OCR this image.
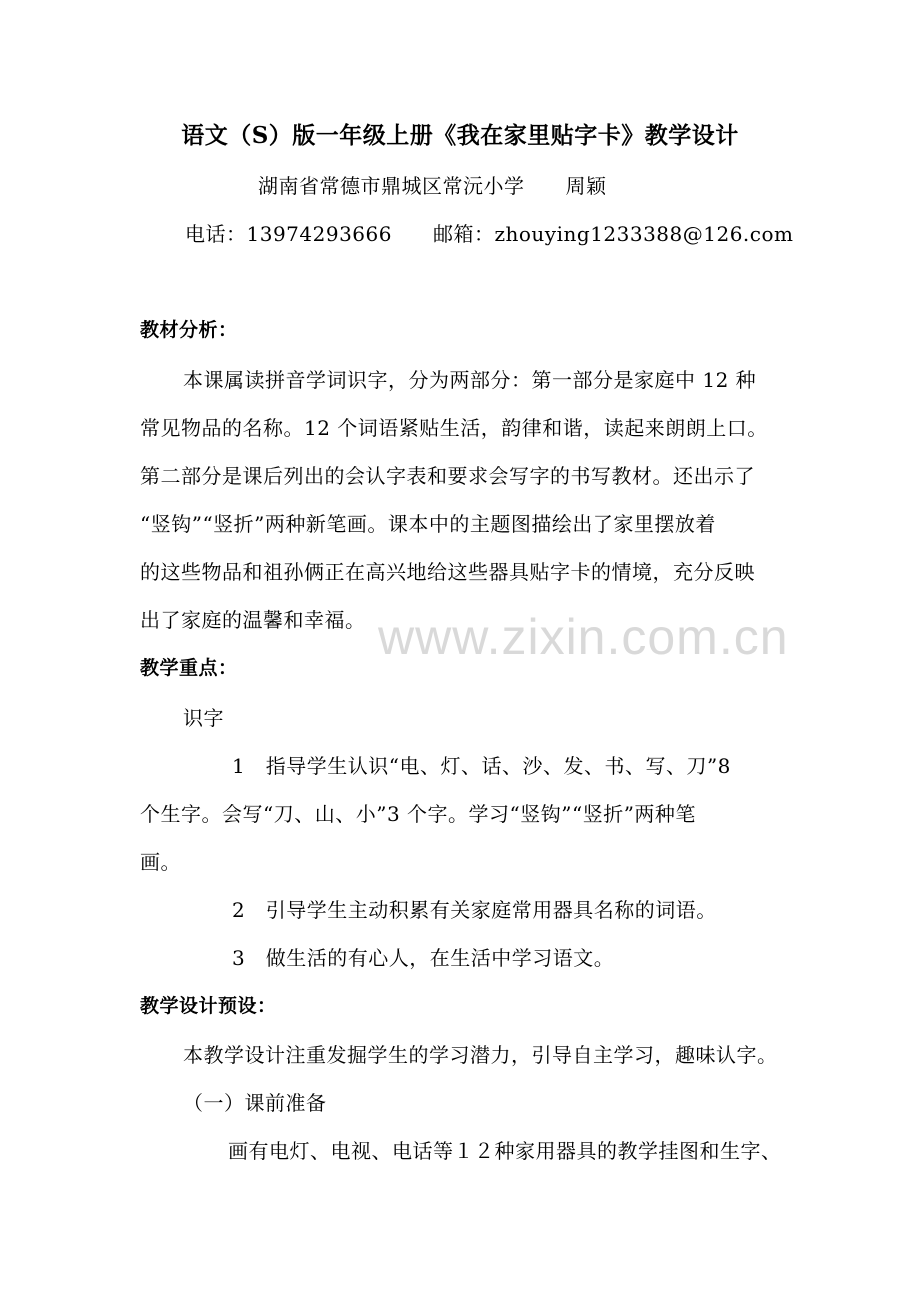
语文（S）版一年级上册《我在家里贴字卡》教学设计
湖南省常德市鼎城区常沅小学　　周颖
电话：13974293666　　邮箱：zhouying1233388@126.com
教材分析：
本课属读拼音学词识字，分为两部分：第一部分是家庭中 12 种
常见物品的名称。12 个词语紧贴生活，韵律和谐，读起来朗朗上口。
第二部分是课后列出的会认字表和要求会写字的书写教材。还出示了
“竖钩”“竖折”两种新笔画。课本中的主题图描绘出了家里摆放着
的这些物品和祖孙俩正在高兴地给这些器具贴字卡的情境，充分反映
出了家庭的温馨和幸福。
教学重点：
识字
1　指导学生认识“电、灯、话、沙、发、书、写、刀”8
个生字。会写“刀、山、小”3 个字。学习“竖钩”“竖折”两种笔
画。
2　引导学生主动积累有关家庭常用器具名称的词语。
3　做生活的有心人，在生活中学习语文。
教学设计预设：
本教学设计注重发掘学生的学习潜力，引导自主学习，趣味认字。
（一）课前准备
画有电灯、电视、电话等１２种家用器具的教学挂图和生字、
www.zixin.com.cn
